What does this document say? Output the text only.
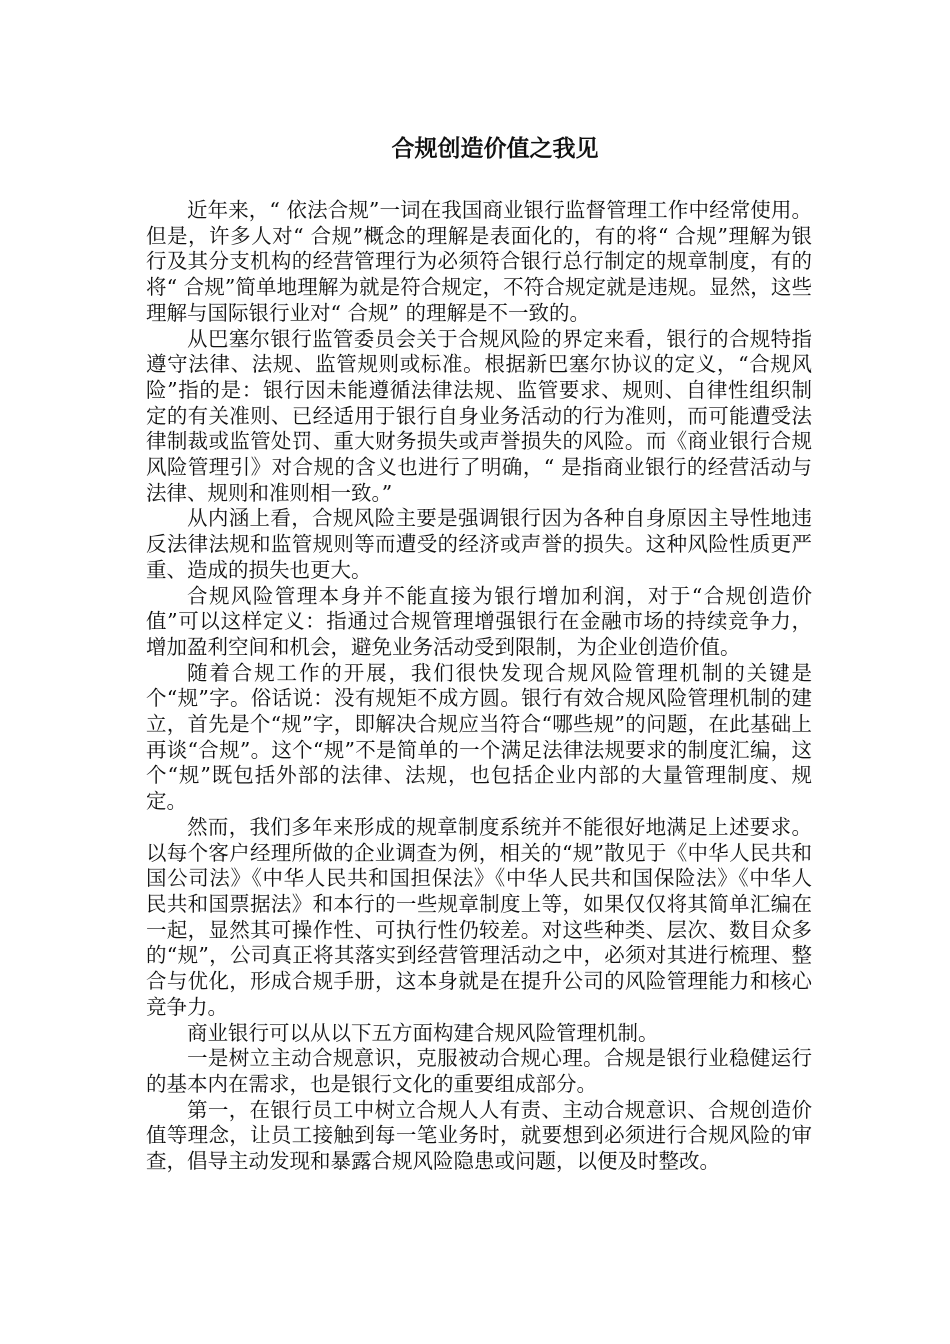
合规创造价值之我见

近年来，“ 依法合规”一词在我国商业银行监督管理工作中经常使用。但是，许多人对“ 合规”概念的理解是表面化的，有的将“ 合规”理解为银行及其分支机构的经营管理行为必须符合银行总行制定的规章制度，有的将“ 合规”简单地理解为就是符合规定，不符合规定就是违规。显然，这些理解与国际银行业对“ 合规” 的理解是不一致的。

从巴塞尔银行监管委员会关于合规风险的界定来看，银行的合规特指遵守法律、法规、监管规则或标准。根据新巴塞尔协议的定义，“合规风险”指的是：银行因未能遵循法律法规、监管要求、规则、自律性组织制定的有关准则、已经适用于银行自身业务活动的行为准则，而可能遭受法律制裁或监管处罚、重大财务损失或声誉损失的风险。而《商业银行合规风险管理引》对合规的含义也进行了明确，“ 是指商业银行的经营活动与法律、规则和准则相一致。”

从内涵上看，合规风险主要是强调银行因为各种自身原因主导性地违反法律法规和监管规则等而遭受的经济或声誉的损失。这种风险性质更严重、造成的损失也更大。

合规风险管理本身并不能直接为银行增加利润，对于“合规创造价值”可以这样定义：指通过合规管理增强银行在金融市场的持续竞争力，增加盈利空间和机会，避免业务活动受到限制，为企业创造价值。

随着合规工作的开展，我们很快发现合规风险管理机制的关键是个“规”字。俗话说：没有规矩不成方圆。银行有效合规风险管理机制的建立，首先是个“规”字，即解决合规应当符合“哪些规”的问题，在此基础上再谈“合规”。这个“规”不是简单的一个满足法律法规要求的制度汇编，这个“规”既包括外部的法律、法规，也包括企业内部的大量管理制度、规定。

然而，我们多年来形成的规章制度系统并不能很好地满足上述要求。以每个客户经理所做的企业调查为例，相关的“规”散见于《中华人民共和国公司法》《中华人民共和国担保法》《中华人民共和国保险法》《中华人民共和国票据法》和本行的一些规章制度上等，如果仅仅将其简单汇编在一起，显然其可操作性、可执行性仍较差。对这些种类、层次、数目众多的“规”，公司真正将其落实到经营管理活动之中，必须对其进行梳理、整合与优化，形成合规手册，这本身就是在提升公司的风险管理能力和核心竞争力。

商业银行可以从以下五方面构建合规风险管理机制。

一是树立主动合规意识，克服被动合规心理。合规是银行业稳健运行的基本内在需求，也是银行文化的重要组成部分。

第一，在银行员工中树立合规人人有责、主动合规意识、合规创造价值等理念，让员工接触到每一笔业务时，就要想到必须进行合规风险的审查，倡导主动发现和暴露合规风险隐患或问题，以便及时整改。
